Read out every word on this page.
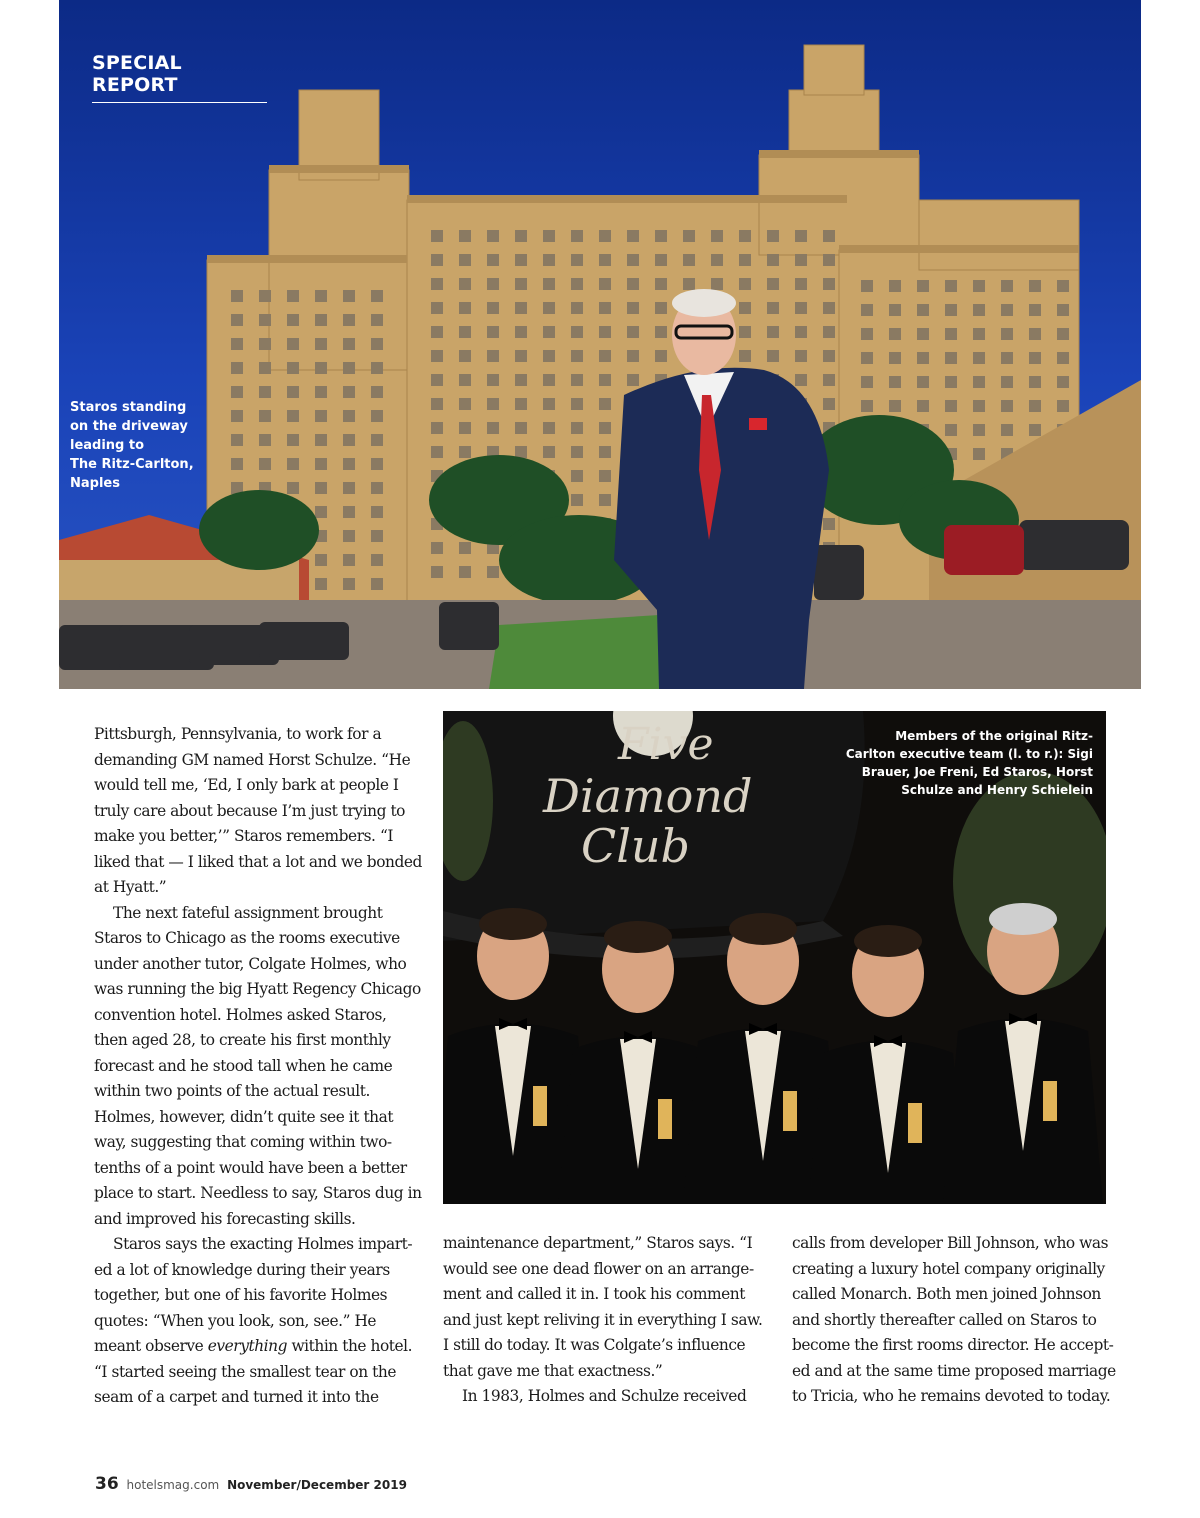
SPECIAL REPORT
Staros standing
on the driveway
leading to
The Ritz-Carlton,
Naples
Five
Diamond
Club
Members of the original Ritz-
Carlton executive team (l. to r.): Sigi
Brauer, Joe Freni, Ed Staros, Horst
Schulze and Henry Schielein

Pittsburgh, Pennsylvania, to work for a
demanding GM named Horst Schulze. “He
would tell me, ‘Ed, I only bark at people I
truly care about because I’m just trying to
make you better,’” Staros remembers. “I
liked that — I liked that a lot and we bonded
at Hyatt.”

The next fateful assignment brought
Staros to Chicago as the rooms executive
under another tutor, Colgate Holmes, who
was running the big Hyatt Regency Chicago
convention hotel. Holmes asked Staros,
then aged 28, to create his first monthly
forecast and he stood tall when he came
within two points of the actual result.
Holmes, however, didn’t quite see it that
way, suggesting that coming within two-
tenths of a point would have been a better
place to start. Needless to say, Staros dug in
and improved his forecasting skills.

Staros says the exacting Holmes impart-
ed a lot of knowledge during their years
together, but one of his favorite Holmes
quotes: “When you look, son, see.” He
meant observe everything within the hotel.
“I started seeing the smallest tear on the
seam of a carpet and turned it into the

maintenance department,” Staros says. “I
would see one dead flower on an arrange-
ment and called it in. I took his comment
and just kept reliving it in everything I saw.
I still do today. It was Colgate’s influence
that gave me that exactness.”

In 1983, Holmes and Schulze received

calls from developer Bill Johnson, who was
creating a luxury hotel company originally
called Monarch. Both men joined Johnson
and shortly thereafter called on Staros to
become the first rooms director. He accept-
ed and at the same time proposed marriage
to Tricia, who he remains devoted to today.

36 hotelsmag.com November/December 2019
